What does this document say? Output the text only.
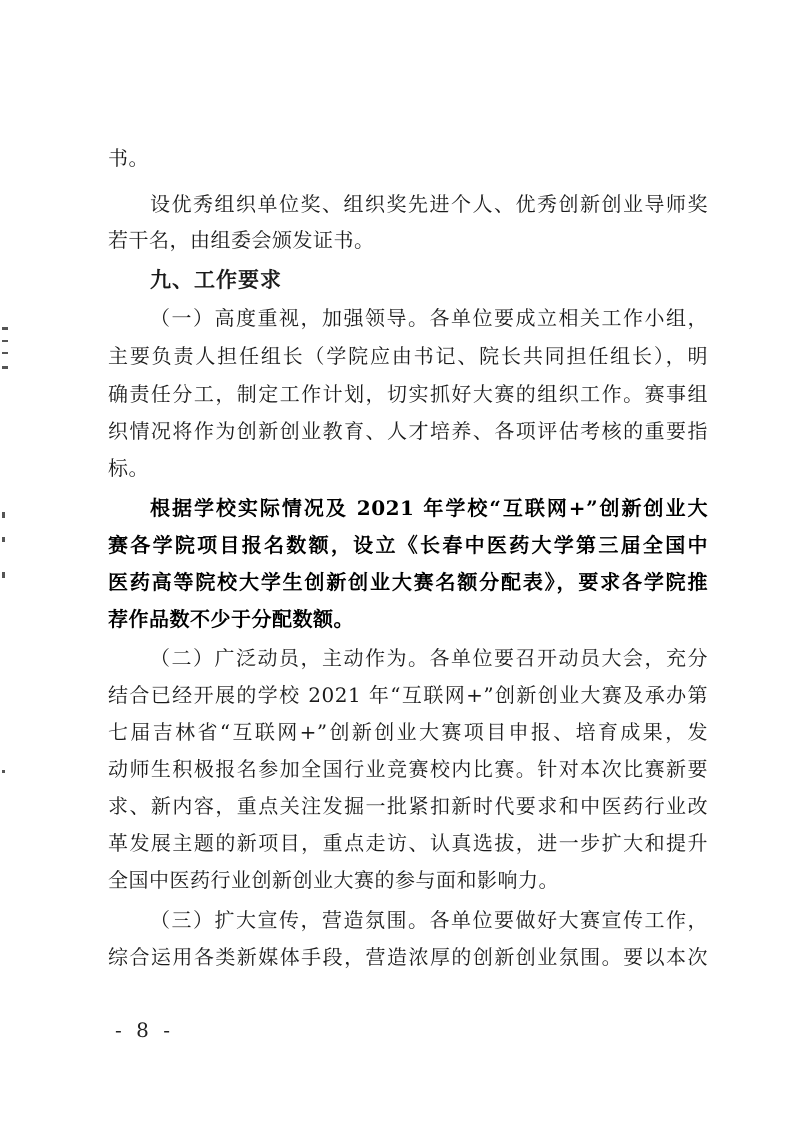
书。
设优秀组织单位奖、组织奖先进个人、优秀创新创业导师奖
若干名，由组委会颁发证书。
九、工作要求
（一）高度重视，加强领导。各单位要成立相关工作小组，
主要负责人担任组长（学院应由书记、院长共同担任组长），明
确责任分工，制定工作计划，切实抓好大赛的组织工作。赛事组
织情况将作为创新创业教育、人才培养、各项评估考核的重要指
标。
根据学校实际情况及 2021 年学校“互联网+”创新创业大
赛各学院项目报名数额，设立《长春中医药大学第三届全国中
医药高等院校大学生创新创业大赛名额分配表》，要求各学院推
荐作品数不少于分配数额。
（二）广泛动员，主动作为。各单位要召开动员大会，充分
结合已经开展的学校 2021 年“互联网+”创新创业大赛及承办第
七届吉林省“互联网+”创新创业大赛项目申报、培育成果，发
动师生积极报名参加全国行业竞赛校内比赛。针对本次比赛新要
求、新内容，重点关注发掘一批紧扣新时代要求和中医药行业改
革发展主题的新项目，重点走访、认真选拔，进一步扩大和提升
全国中医药行业创新创业大赛的参与面和影响力。
（三）扩大宣传，营造氛围。各单位要做好大赛宣传工作，
综合运用各类新媒体手段，营造浓厚的创新创业氛围。要以本次
- 8 -
